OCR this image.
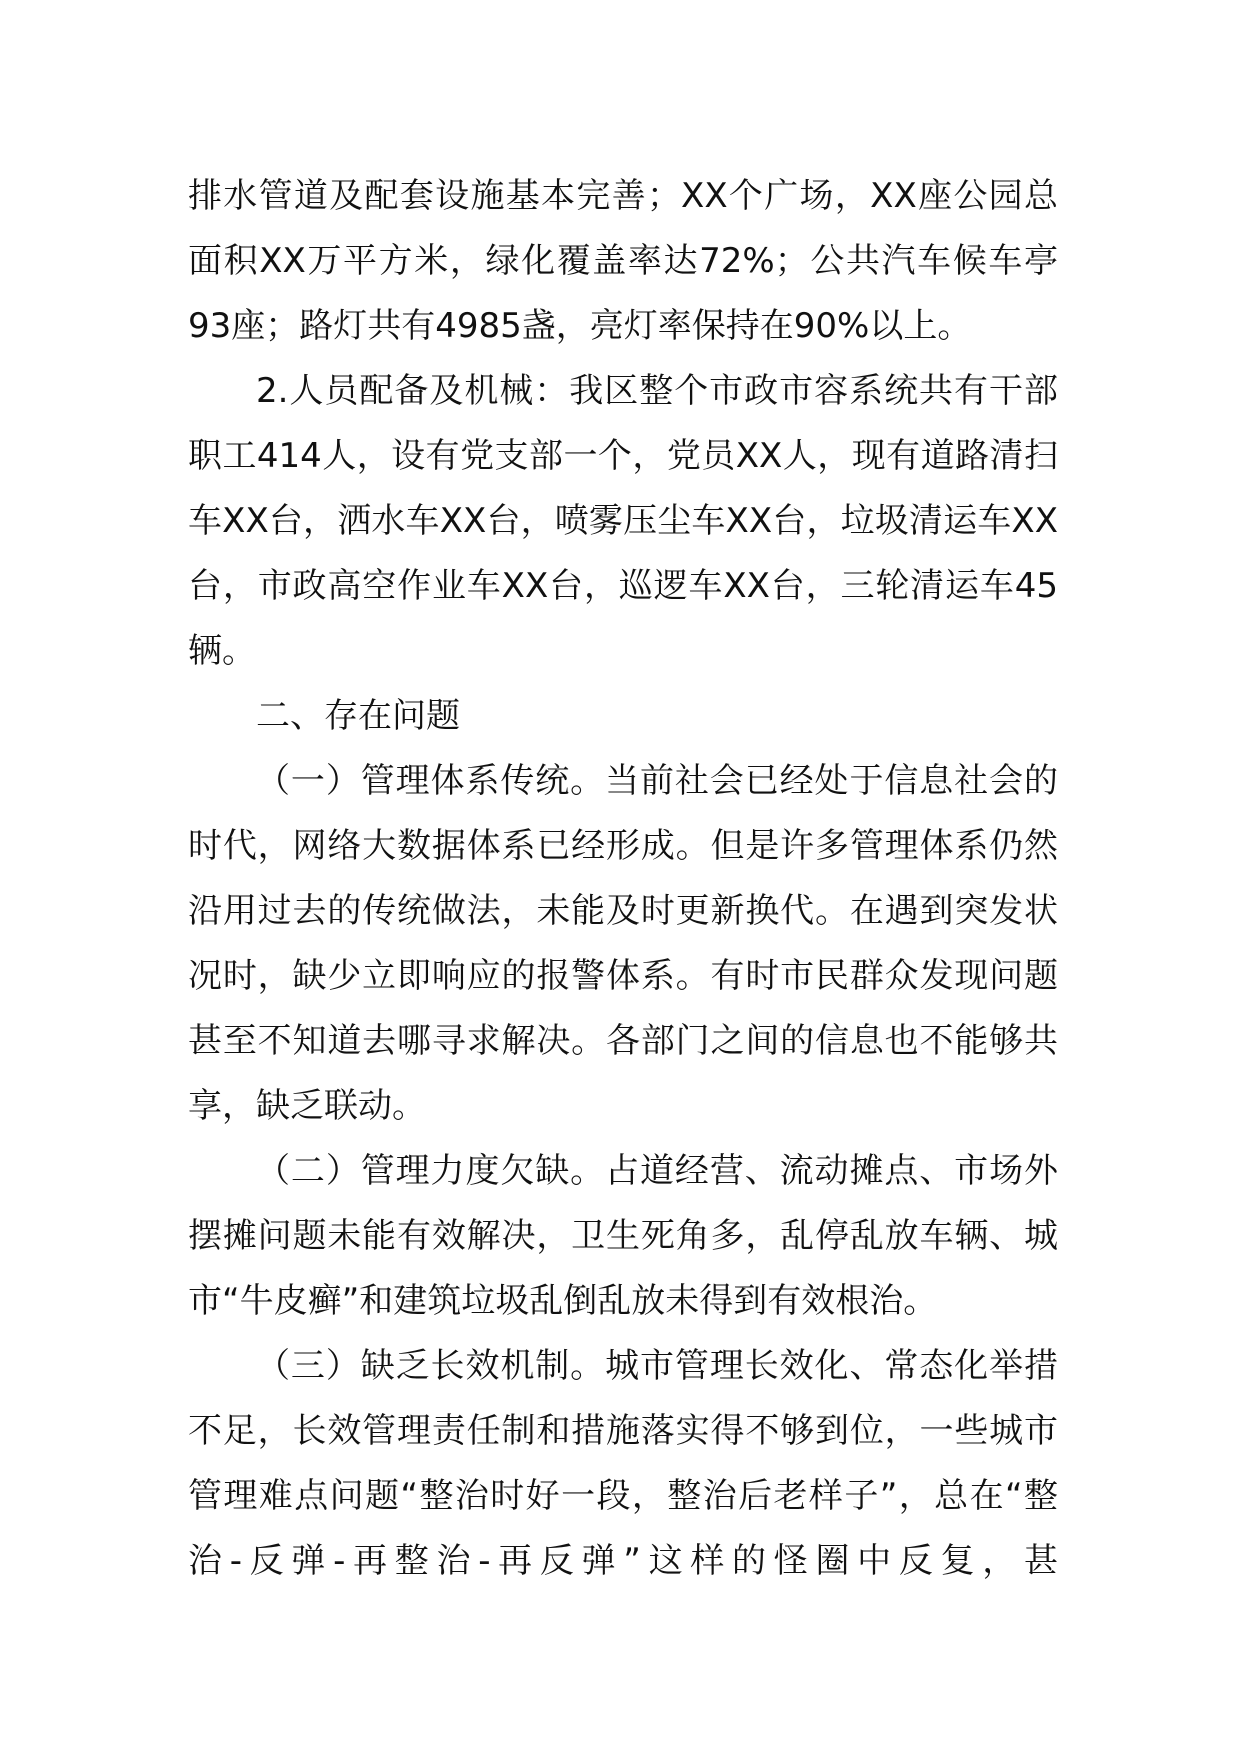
排水管道及配套设施基本完善；XX个广场，XX座公园总面积XX万平方米，绿化覆盖率达72%；公共汽车候车亭93座；路灯共有4985盏，亮灯率保持在90%以上。

2.人员配备及机械：我区整个市政市容系统共有干部职工414人，设有党支部一个，党员XX人，现有道路清扫车XX台，洒水车XX台，喷雾压尘车XX台，垃圾清运车XX台，市政高空作业车XX台，巡逻车XX台，三轮清运车45辆。

二、存在问题

（一）管理体系传统。当前社会已经处于信息社会的时代，网络大数据体系已经形成。但是许多管理体系仍然沿用过去的传统做法，未能及时更新换代。在遇到突发状况时，缺少立即响应的报警体系。有时市民群众发现问题甚至不知道去哪寻求解决。各部门之间的信息也不能够共享，缺乏联动。

（二）管理力度欠缺。占道经营、流动摊点、市场外摆摊问题未能有效解决，卫生死角多，乱停乱放车辆、城市“牛皮癣”和建筑垃圾乱倒乱放未得到有效根治。

（三）缺乏长效机制。城市管理长效化、常态化举措不足，长效管理责任制和措施落实得不够到位，一些城市管理难点问题“整治时好一段，整治后老样子”，总在“整治-反弹-再整治-再反弹”这样的怪圈中反复，甚
